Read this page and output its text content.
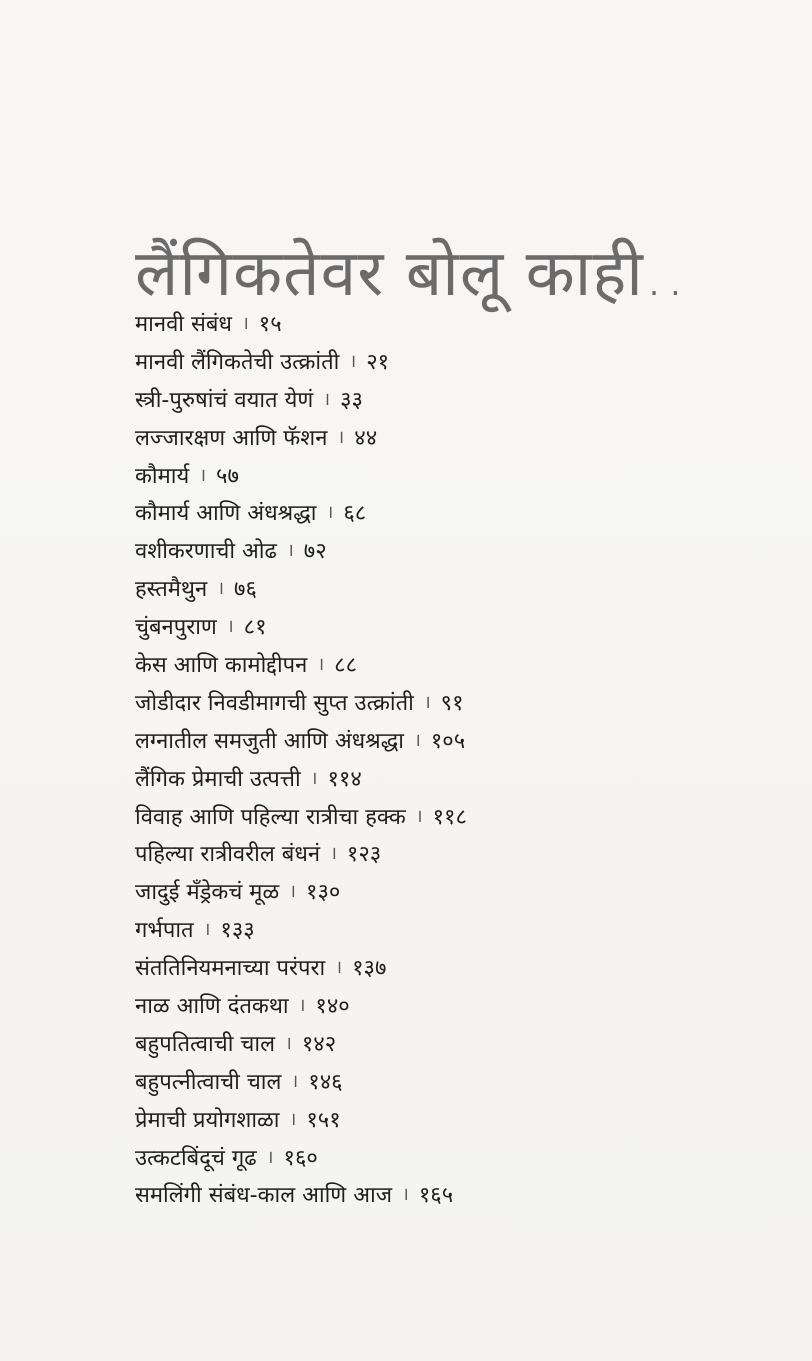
लैंगिकतेवर बोलू काही..
मानवी संबंध । १५
मानवी लैंगिकतेची उत्क्रांती । २१
स्त्री-पुरुषांचं वयात येणं । ३३
लज्जारक्षण आणि फॅशन । ४४
कौमार्य । ५७
कौमार्य आणि अंधश्रद्धा । ६८
वशीकरणाची ओढ । ७२
हस्तमैथुन । ७६
चुंबनपुराण । ८१
केस आणि कामोद्दीपन । ८८
जोडीदार निवडीमागची सुप्त उत्क्रांती । ९१
लग्नातील समजुती आणि अंधश्रद्धा । १०५
लैंगिक प्रेमाची उत्पत्ती । ११४
विवाह आणि पहिल्या रात्रीचा हक्क । ११८
पहिल्या रात्रीवरील बंधनं । १२३
जादुई मँड्रेकचं मूळ । १३०
गर्भपात । १३३
संततिनियमनाच्या परंपरा । १३७
नाळ आणि दंतकथा । १४०
बहुपतित्वाची चाल । १४२
बहुपत्नीत्वाची चाल । १४६
प्रेमाची प्रयोगशाळा । १५१
उत्कटबिंदूचं गूढ । १६०
समलिंगी संबंध-काल आणि आज । १६५
